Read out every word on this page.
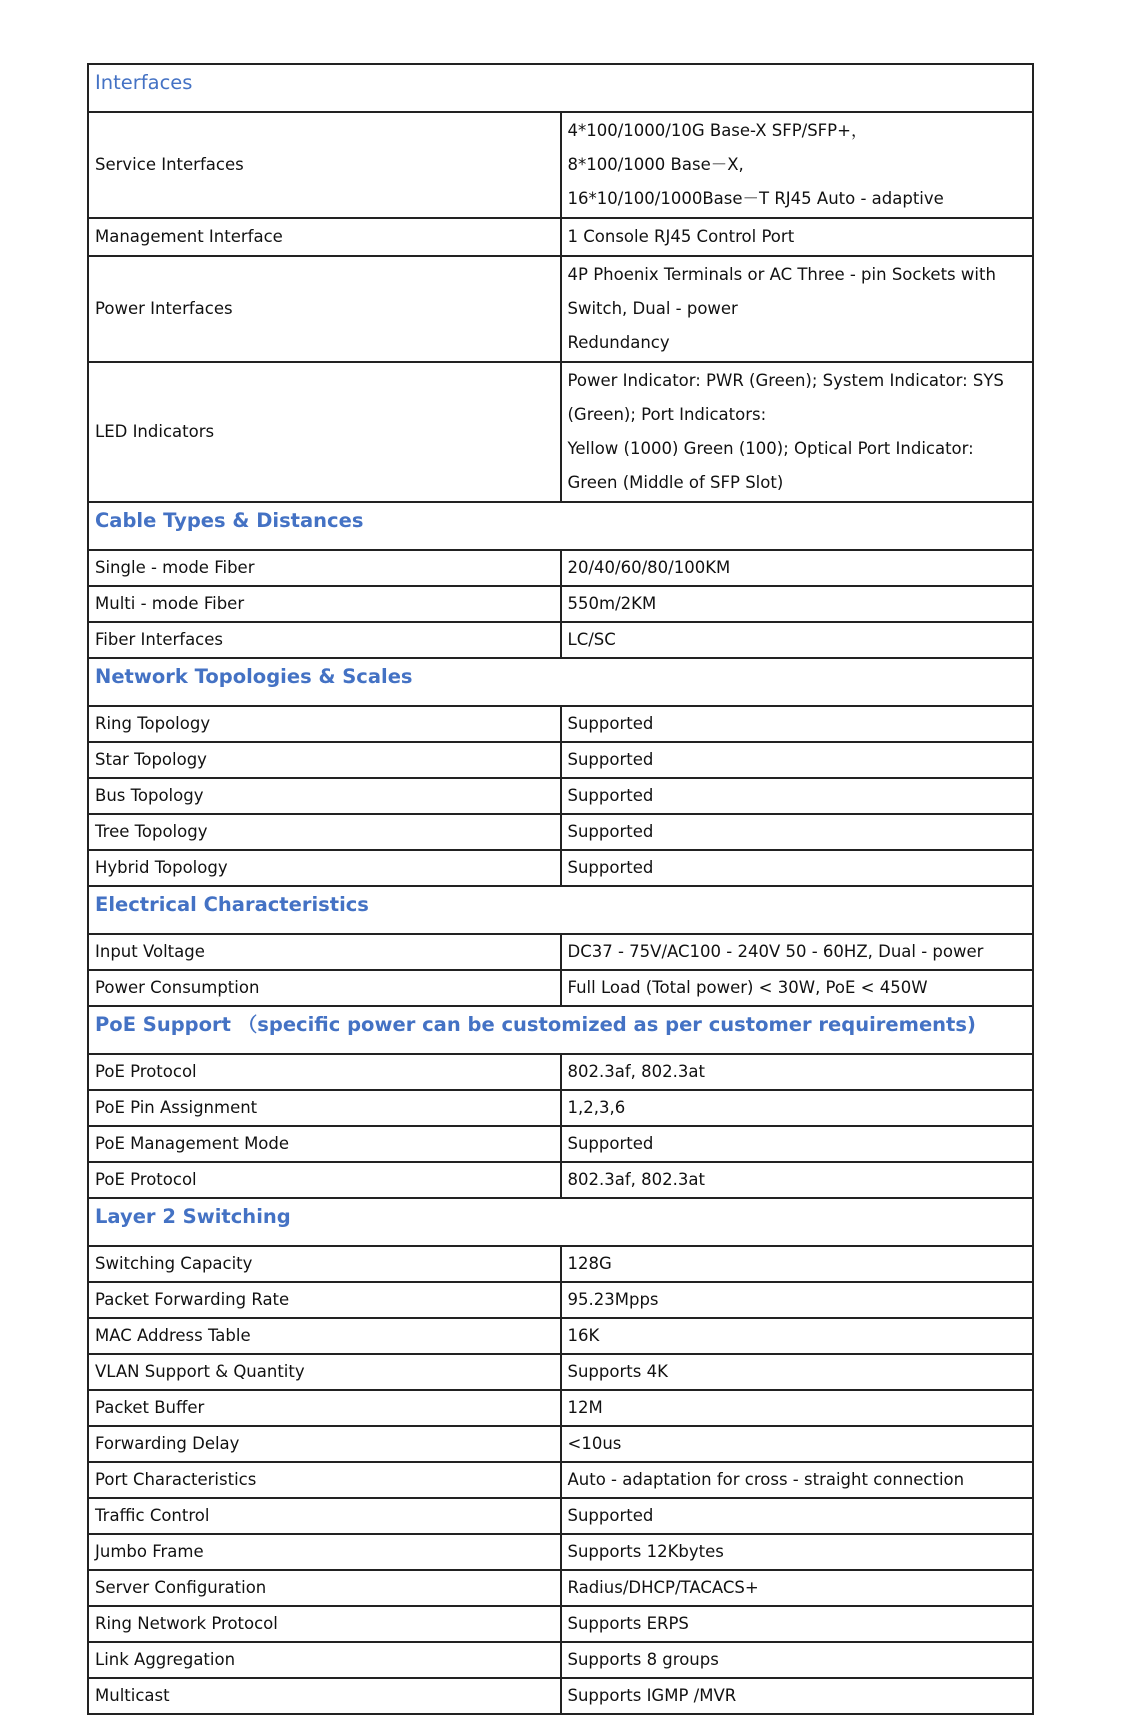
Interfaces	
Service Interfaces	4*100/1000/10G Base-X SFP/SFP+，
8*100/1000 Base－X,
16*10/100/1000Base－T RJ45 Auto - adaptive

Management Interface	1 Console RJ45 Control Port

Power Interfaces	4P Phoenix Terminals or AC Three - pin Sockets with Switch, Dual - power
Redundancy

LED Indicators	Power Indicator: PWR (Green); System Indicator: SYS (Green); Port Indicators:
Yellow (1000) Green (100); Optical Port Indicator: Green (Middle of SFP Slot)

Cable Types & Distances	
Single - mode Fiber	20/40/60/80/100KM
Multi - mode Fiber	550m/2KM
Fiber Interfaces	LC/SC
Network Topologies & Scales	
Ring Topology	Supported
Star Topology	Supported
Bus Topology	Supported
Tree Topology	Supported
Hybrid Topology	Supported
Electrical Characteristics	
Input Voltage	DC37 - 75V/AC100 - 240V 50 - 60HZ, Dual - power
Power Consumption	Full Load (Total power) < 30W, PoE < 450W
PoE Support （specific power can be customized as per customer requirements)	
PoE Protocol	802.3af, 802.3at
PoE Pin Assignment	1,2,3,6
PoE Management Mode	Supported
PoE Protocol	802.3af, 802.3at
Layer 2 Switching	
Switching Capacity	128G
Packet Forwarding Rate	95.23Mpps
MAC Address Table	16K
VLAN Support & Quantity	Supports 4K
Packet Buffer	12M
Forwarding Delay	<10us
Port Characteristics	Auto - adaptation for cross - straight connection
Traffic Control	Supported
Jumbo Frame	Supports 12Kbytes
Server Configuration	Radius/DHCP/TACACS+
Ring Network Protocol	Supports ERPS
Link Aggregation	Supports 8 groups
Multicast	Supports IGMP /MVR
